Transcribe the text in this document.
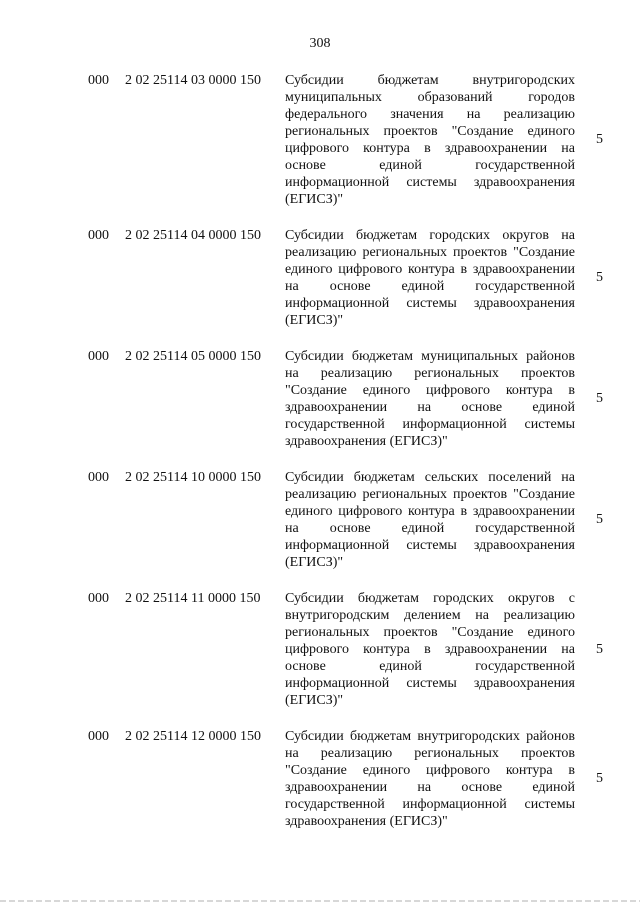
308
000 2 02 25114 03 0000 150 Субсидии бюджетам внутригородских муниципальных образований городов федерального значения на реализацию региональных проектов "Создание единого цифрового контура в здравоохранении на основе единой государственной информационной системы здравоохранения (ЕГИСЗ)"
5
000 2 02 25114 04 0000 150 Субсидии бюджетам городских округов на реализацию региональных проектов "Создание единого цифрового контура в здравоохранении на основе единой государственной информационной системы здравоохранения (ЕГИСЗ)"
5
000 2 02 25114 05 0000 150 Субсидии бюджетам муниципальных районов на реализацию региональных проектов "Создание единого цифрового контура в здравоохранении на основе единой государственной информационной системы здравоохранения (ЕГИСЗ)"
5
000 2 02 25114 10 0000 150 Субсидии бюджетам сельских поселений на реализацию региональных проектов "Создание единого цифрового контура в здравоохранении на основе единой государственной информационной системы здравоохранения (ЕГИСЗ)"
5
000 2 02 25114 11 0000 150 Субсидии бюджетам городских округов с внутригородским делением на реализацию региональных проектов "Создание единого цифрового контура в здравоохранении на основе единой государственной информационной системы здравоохранения (ЕГИСЗ)"
5
000 2 02 25114 12 0000 150 Субсидии бюджетам внутригородских районов на реализацию региональных проектов "Создание единого цифрового контура в здравоохранении на основе единой государственной информационной системы здравоохранения (ЕГИСЗ)"
5
